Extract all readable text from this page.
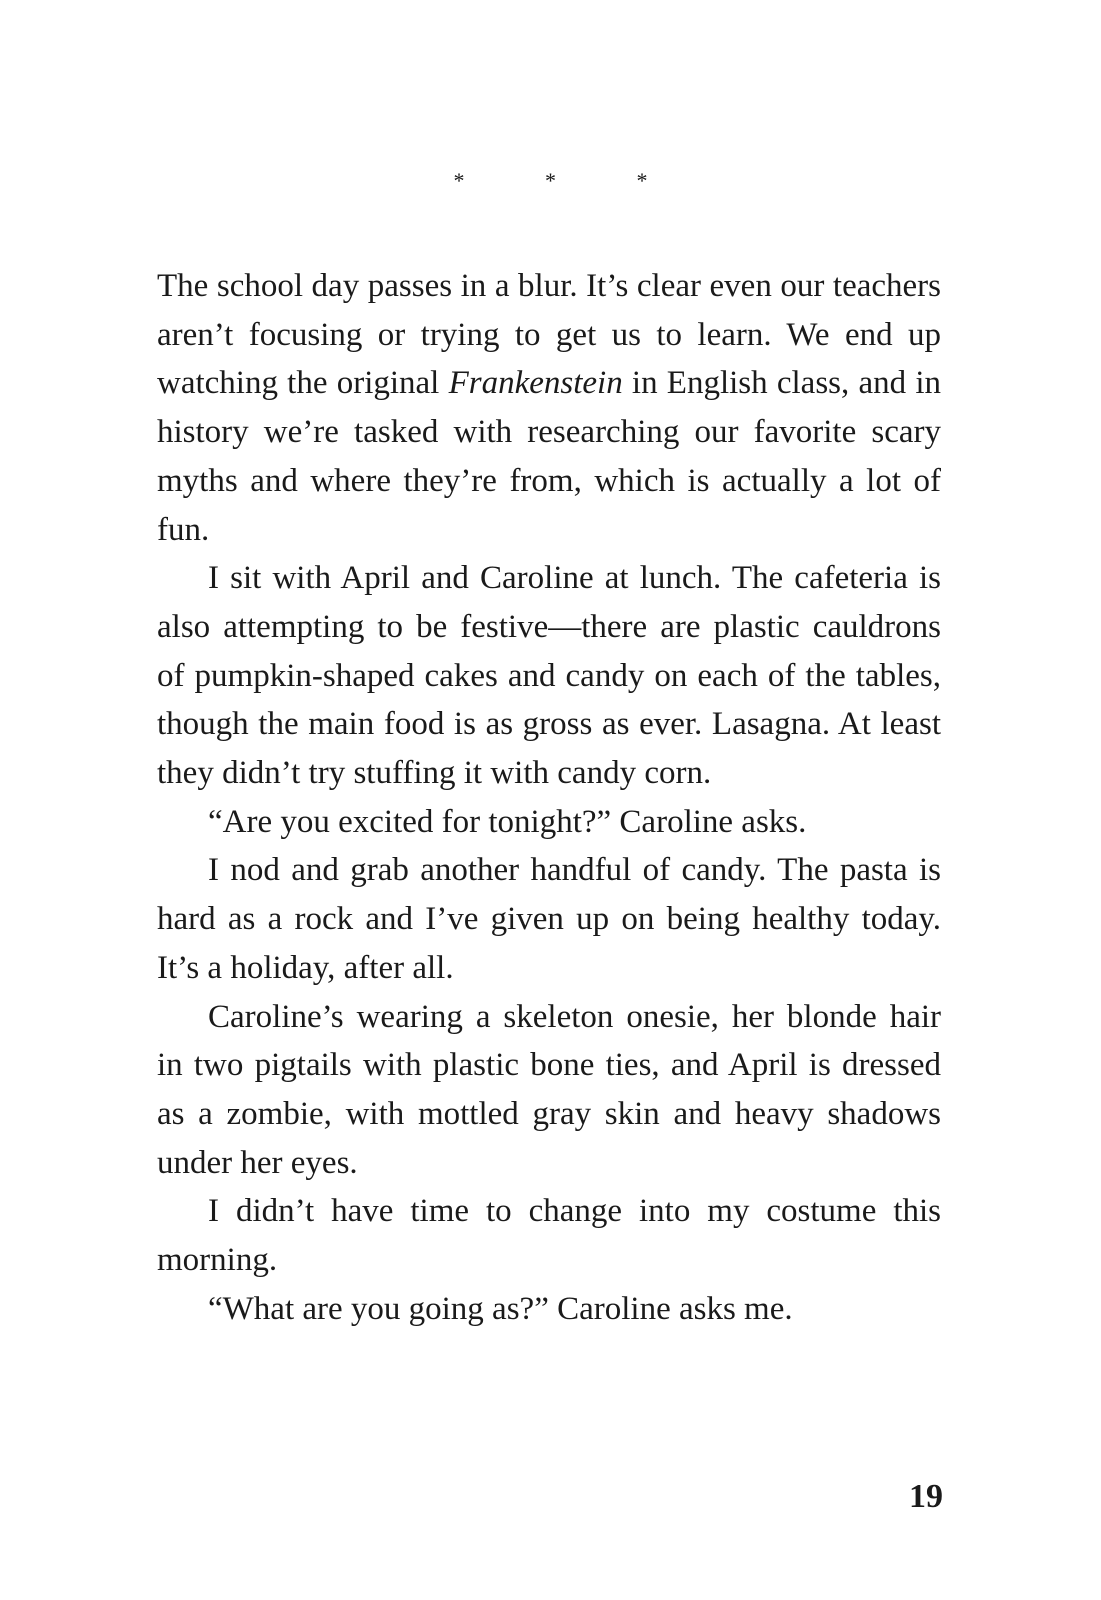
*	*	*

The school day passes in a blur. It’s clear even our teachers aren’t focusing or trying to get us to learn. We end up watching the original Frankenstein in English class, and in history we’re tasked with researching our favorite scary myths and where they’re from, which is actually a lot of fun.

I sit with April and Caroline at lunch. The cafeteria is also attempting to be festive—there are plastic cauldrons of pumpkin-shaped cakes and candy on each of the tables, though the main food is as gross as ever. Lasagna. At least they didn’t try stuffing it with candy corn.

“Are you excited for tonight?” Caroline asks.

I nod and grab another handful of candy. The pasta is hard as a rock and I’ve given up on being healthy today. It’s a holiday, after all.

Caroline’s wearing a skeleton onesie, her blonde hair in two pigtails with plastic bone ties, and April is dressed as a zombie, with mottled gray skin and heavy shadows under her eyes.

I didn’t have time to change into my costume this morning.

“What are you going as?” Caroline asks me.

19
